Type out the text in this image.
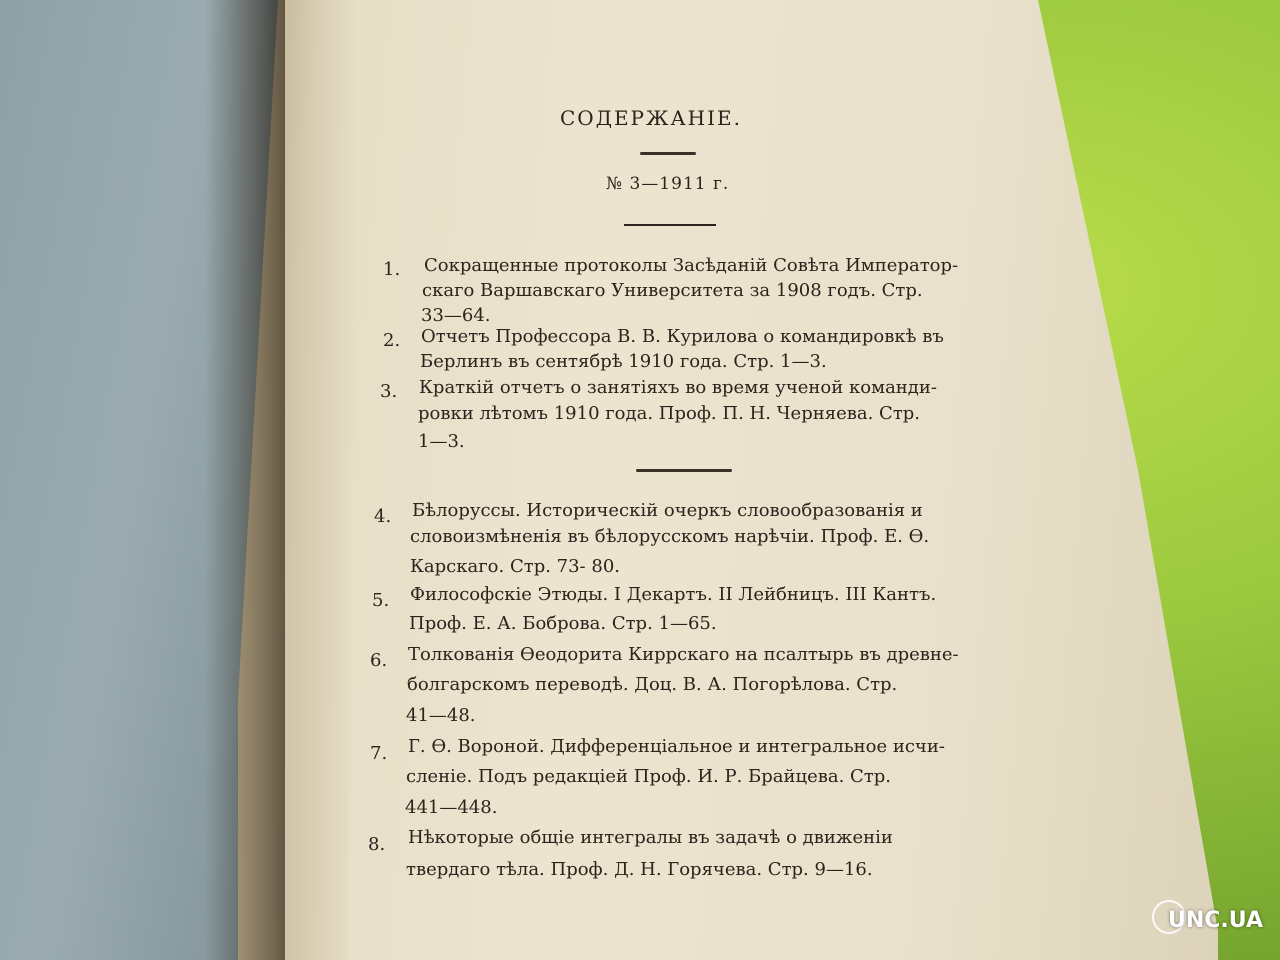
СОДЕРЖАНІЕ.
№ 3—1911 г.
1. Сокращенные протоколы Засѣданій Совѣта Император-
скаго Варшавскаго Университета за 1908 годъ. Стр.
33—64.
2. Отчетъ Профессора В. В. Курилова о командировкѣ въ
Берлинъ въ сентябрѣ 1910 года. Стр. 1—3.
3. Краткій отчетъ о занятіяхъ во время ученой команди-
ровки лѣтомъ 1910 года. Проф. П. Н. Черняева. Стр.
1—3.
4. Бѣлоруссы. Историческій очеркъ словообразованія и
словоизмѣненія въ бѣлорусскомъ нарѣчіи. Проф. Е. Ѳ.
Карскаго. Стр. 73- 80.
5. Философскіе Этюды. I Декартъ. II Лейбницъ. III Кантъ.
Проф. Е. А. Боброва. Стр. 1—65.
6. Толкованія Ѳеодорита Киррскаго на псалтырь въ древне-
болгарскомъ переводѣ. Доц. В. А. Погорѣлова. Стр.
41—48.
7. Г. Ѳ. Вороной. Дифференціальное и интегральное исчи-
сленіе. Подъ редакціей Проф. И. Р. Брайцева. Стр.
441—448.
8. Нѣкоторые общіе интегралы въ задачѣ о движеніи
твердаго тѣла. Проф. Д. Н. Горячева. Стр. 9—16.
UNC.UA
